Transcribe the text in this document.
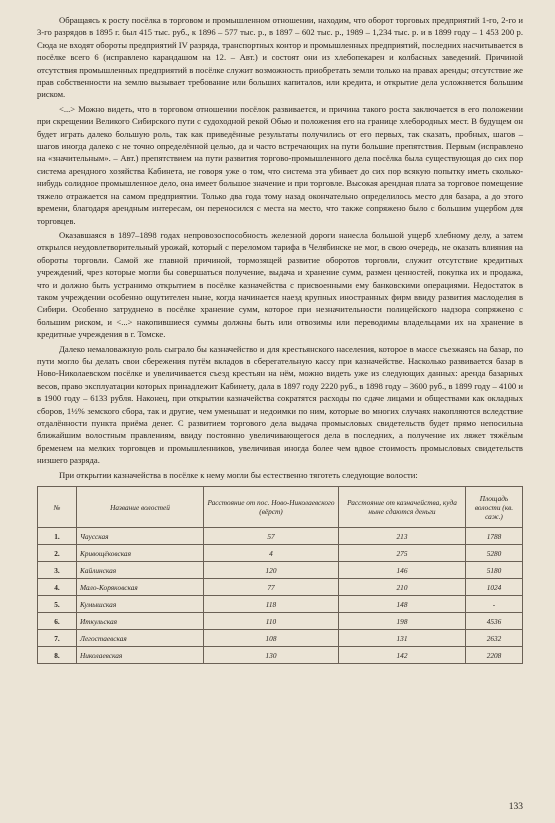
Обращаясь к росту посёлка в торговом и промышленном отношении, находим, что оборот торговых предприятий 1-го, 2-го и 3-го разрядов в 1895 г. был 415 тыс. руб., к 1896 – 577 тыс. р., в 1897 – 602 тыс. р., 1989 – 1,234 тыс. р. и в 1899 году – 1 453 200 р. Сюда не входят обороты предприятий IV разряда, транспортных контор и промышленных предприятий, последних насчитывается в посёлке всего 6 (исправлено карандашом на 12. – Авт.) и состоят они из хлебопекарен и колбасных заведений. Причиной отсутствия промышленных предприятий в посёлке служит возможность приобретать земли только на правах аренды; отсутствие же прав собственности на землю вызывает требование или больших капиталов, или кредита, и открытие дела усложняется большим риском.

<...> Можно видеть, что в торговом отношении посёлок развивается, и причина такого роста заключается в его положении при скрещении Великого Сибирского пути с судоходной рекой Обью и положения его на границе хлебородных мест. В будущем он будет играть далеко большую роль, так как приведённые результаты получились от его первых, так сказать, пробных, шагов – шагов иногда далеко с не точно определённой целью, да и часто встречающих на пути большие препятствия. Первым (исправлено на «значительным». – Авт.) препятствием на пути развития торгово-промышленного дела посёлка была существующая до сих пор система арендного хозяйства Кабинета, не говоря уже о том, что система эта убивает до сих пор всякую попытку иметь сколько-нибудь солидное промышленное дело, она имеет большое значение и при торговле. Высокая арендная плата за торговое помещение тяжело отражается на самом предприятии. Только два года тому назад окончательно определилось место для базара, а до этого времени, благодаря арендным интересам, он переносился с места на место, что также сопряжено было с большим ущербом для торговцев.

Оказавшаяся в 1897–1898 годах непровозоспособность железной дороги нанесла большой ущерб хлебному делу, а затем открылся неудовлетворительный урожай, который с переломом тарифа в Челябинске не мог, в свою очередь, не оказать влияния на обороты торговли. Самой же главной причиной, тормозящей развитие оборотов торговли, служит отсутствие кредитных учреждений, чрез которые могли бы совершаться получение, выдача и хранение сумм, размен ценностей, покупка их и продажа, что и должно быть устранимо открытием в посёлке казначейства с присвоенными ему банковскими операциями. Недостаток в таком учреждении особенно ощутителен ныне, когда начинается наезд крупных иностранных фирм ввиду развития маслоделия в Сибири. Особенно затруднено в посёлке хранение сумм, которое при незначительности полицейского надзора сопряжено с большим риском, и <...> накопившиеся суммы должны быть или отвозимы или переводимы владельцами их на хранение в кредитные учреждения в г. Томске.

Далеко немаловажную роль сыграло бы казначейство и для крестьянского населения, которое в массе съезжаясь на базар, по пути могло бы делать свои сбережения путём вкладов в сберегательную кассу при казначействе. Насколько развивается базар в Ново-Николаевском посёлке и увеличивается съезд крестьян на нём, можно видеть уже из следующих данных: аренда базарных весов, право эксплуатации которых принадлежит Кабинету, дала в 1897 году 2220 руб., в 1898 году – 3600 руб., в 1899 году – 4100 и в 1900 году – 6133 рубля. Наконец, при открытии казначейства сократятся расходы по сдаче лицами и обществами как окладных сборов, 1½% земского сбора, так и другие, чем уменьшат и недоимки по ним, которые во многих случаях накопляются вследствие отдалённости пункта приёма денег. С развитием торгового дела выдача промысловых свидетельств будет прямо непосильна ближайшим волостным правлениям, ввиду постоянно увеличивающегося дела в последних, а получение их ляжет тяжёлым бременем на мелких торговцев и промышленников, увеличивая иногда более чем вдвое стоимость промысловых свидетельств низшего разряда.

При открытии казначейства в посёлке к нему могли бы естественно тяготеть следующие волости:

№	Название волостей	Расстояние от пос. Ново-Николаевского (вёрст)	Расстояние от казначейства, куда ныне сдаются деньги	Площадь волости (кв. саж.)
1.	Чаусская	57	213	1788
2.	Кривощёковская	4	275	5280
3.	Кайлинская	120	146	5180
4.	Мало-Корякoвская	77	210	1024
5.	Кумышская	118	148	-
6.	Иткульская	110	198	4536
7.	Легостаевская	108	131	2632
8.	Николаевская	130	142	2208
133
